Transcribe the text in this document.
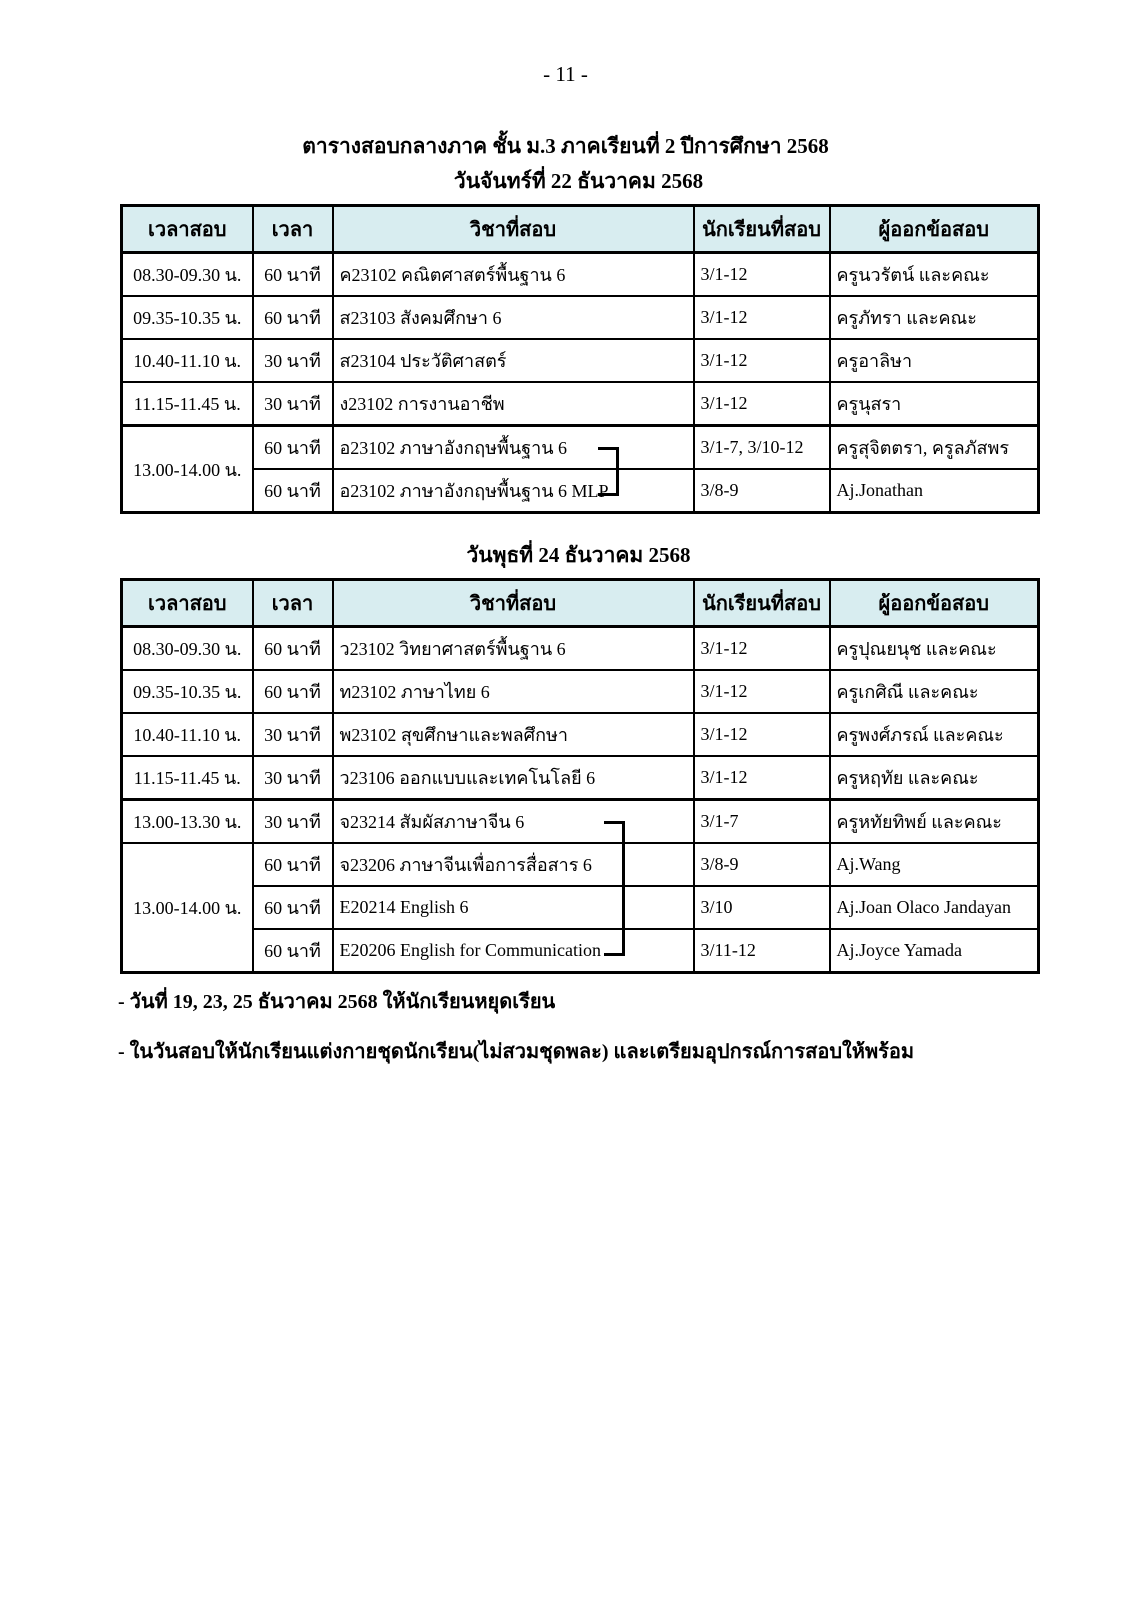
- 11 -
ตารางสอบกลางภาค ชั้น ม.3 ภาคเรียนที่ 2 ปีการศึกษา 2568
วันจันทร์ที่ 22 ธันวาคม 2568
เวลาสอบ	เวลา	วิชาที่สอบ	นักเรียนที่สอบ	ผู้ออกข้อสอบ
08.30-09.30 น.	60 นาที	ค23102 คณิตศาสตร์พื้นฐาน 6	3/1-12	ครูนวรัตน์ และคณะ
09.35-10.35 น.	60 นาที	ส23103 สังคมศึกษา 6	3/1-12	ครูภัทรา และคณะ
10.40-11.10 น.	30 นาที	ส23104 ประวัติศาสตร์	3/1-12	ครูอาลิษา
11.15-11.45 น.	30 นาที	ง23102 การงานอาชีพ	3/1-12	ครูนุสรา
13.00-14.00 น.	60 นาที	อ23102 ภาษาอังกฤษพื้นฐาน 6	3/1-7, 3/10-12	ครูสุจิตตรา, ครูลภัสพร
	60 นาที	อ23102 ภาษาอังกฤษพื้นฐาน 6 MLP	3/8-9	Aj.Jonathan
วันพุธที่ 24 ธันวาคม 2568
เวลาสอบ	เวลา	วิชาที่สอบ	นักเรียนที่สอบ	ผู้ออกข้อสอบ
08.30-09.30 น.	60 นาที	ว23102 วิทยาศาสตร์พื้นฐาน 6	3/1-12	ครูปุณยนุช และคณะ
09.35-10.35 น.	60 นาที	ท23102 ภาษาไทย 6	3/1-12	ครูเกศิณี และคณะ
10.40-11.10 น.	30 นาที	พ23102 สุขศึกษาและพลศึกษา	3/1-12	ครูพงศ์ภรณ์ และคณะ
11.15-11.45 น.	30 นาที	ว23106 ออกแบบและเทคโนโลยี 6	3/1-12	ครูหฤทัย และคณะ
13.00-13.30 น.	30 นาที	จ23214 สัมผัสภาษาจีน 6	3/1-7	ครูหทัยทิพย์ และคณะ
13.00-14.00 น.	60 นาที	จ23206 ภาษาจีนเพื่อการสื่อสาร 6	3/8-9	Aj.Wang
	60 นาที	E20214 English 6	3/10	Aj.Joan Olaco Jandayan
	60 นาที	E20206 English for Communication	3/11-12	Aj.Joyce Yamada
- วันที่ 19, 23, 25 ธันวาคม 2568 ให้นักเรียนหยุดเรียน
- ในวันสอบให้นักเรียนแต่งกายชุดนักเรียน(ไม่สวมชุดพละ) และเตรียมอุปกรณ์การสอบให้พร้อม
